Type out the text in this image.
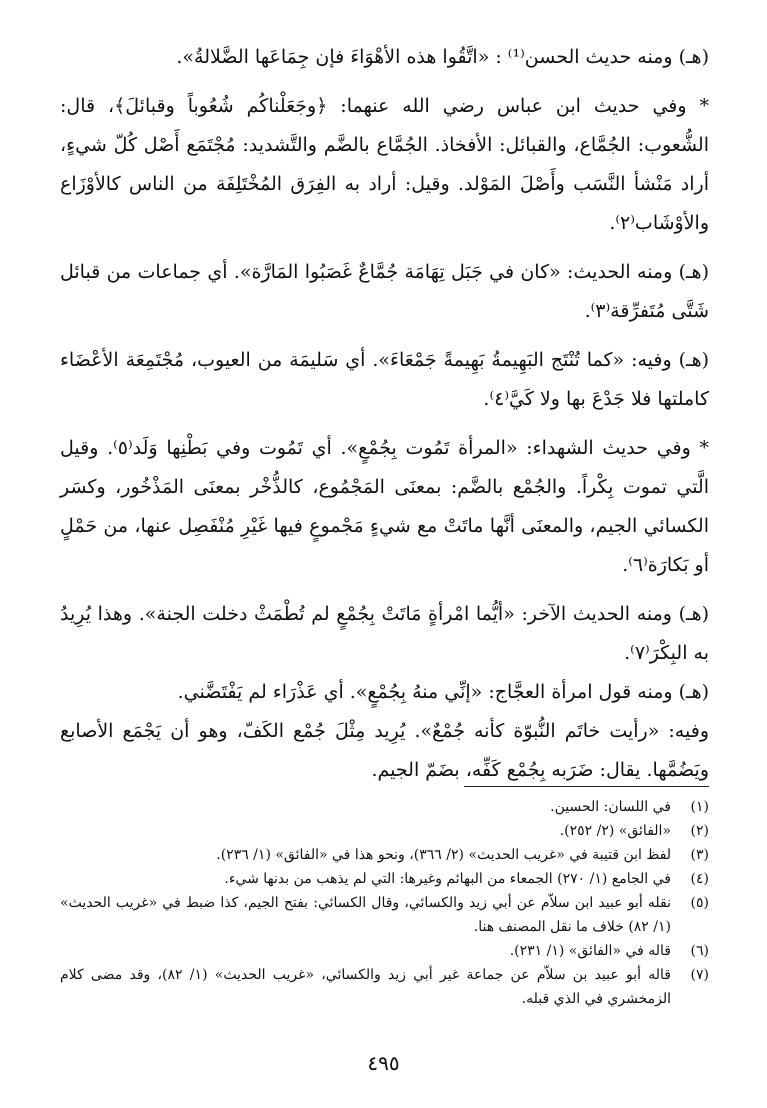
(هـ) ومنه حديث الحسن⁽¹⁾ : «اتَّقُوا هذه الأهْوَاءَ فإن جِمَاعَها الضَّلالةُ».

* وفي حديث ابن عباس رضي الله عنهما: ﴿وجَعَلْناكُم شُعُوباً وقبائلَ﴾، قال: الشُّعوب: الجُمَّاع، والقبائل: الأفخاذ. الجُمَّاع بالضَّم والتَّشديد: مُجْتَمَع أَصْل كُلّ شيءٍ، أراد مَنْشأ النَّسَب وأَصْلَ المَوْلد. وقيل: أراد به الفِرَق المُخْتَلِفَة من الناس كالأوْزَاع والأوْشَاب⁽٢⁾.

(هـ) ومنه الحديث: «كان في جَبَل تِهَامَة جُمَّاعٌ غَصَبُوا المَارَّة». أي جماعات من قبائل شَتَّى مُتَفرِّقة⁽٣⁾.

(هـ) وفيه: «كما تُنْتَج البَهِيمةُ بَهِيمةً جَمْعَاءَ». أي سَليمَة من العيوب، مُجْتَمِعَة الأعْضَاء كاملتها فلا جَدْعَ بها ولا كَيَّ⁽٤⁾.

* وفي حديث الشهداء: «المرأة تَمُوت بِجُمْعٍ». أي تَمُوت وفي بَطْنِها وَلَد⁽٥⁾. وقيل الَّتي تموت بِكْراً. والجُمْع بالضَّم: بمعنَى المَجْمُوع، كالذُّخْر بمعنَى المَذْخُور، وكسَر الكسائي الجيم، والمعنَى أنَّها ماتَتْ مع شيءٍ مَجْموعٍ فيها غَيْرِ مُنْفَصِل عنها، من حَمْلٍ أو بَكارَة⁽٦⁾.

(هـ) ومنه الحديث الآخر: «أيُّما امْرأةٍ مَاتَتْ بِجُمْعٍ لم تُطْمَثْ دخلت الجنة». وهذا يُرِيدُ به البِكْرَ⁽٧⁾.

(هـ) ومنه قول امرأة العجَّاج: «إنِّي منهُ بِجُمْعٍ». أي عَذْرَاء لم يَفْتَضَّني.

وفيه: «رأيت خاتَم النُّبوّة كأنه جُمْعٌ». يُرِيد مِثْلَ جُمْع الكَفّ، وهو أن يَجْمَع الأصابع ويَضُمَّها. يقال: ضَرَبه بِجُمْع كَفِّه، بضَمّ الجيم.

(١)
في اللسان: الحسين.
(٢)
«الفائق» (٢/ ٢٥٢).
(٣)
لفظ ابن قتيبة في «غريب الحديث» (٢/ ٣٦٦)، ونحو هذا في «الفائق» (١/ ٢٣٦).
(٤)
في الجامع (١/ ٢٧٠) الجمعاء من البهائم وغيرها: التي لم يذهب من بدنها شيء.
(٥)
نقله أبو عبيد ابن سلاّم عن أبي زيد والكسائي، وقال الكسائي: بفتح الجيم، كذا ضبط في «غريب الحديث» (١/ ٨٢) خلاف ما نقل المصنف هنا.
(٦)
قاله في «الفائق» (١/ ٢٣١).
(٧)
قاله أبو عبيد بن سلاّم عن جماعة غير أبي زيد والكسائي، «غريب الحديث» (١/ ٨٢)، وقد مضى كلام الزمخشري في الذي قبله.
٤٩٥
